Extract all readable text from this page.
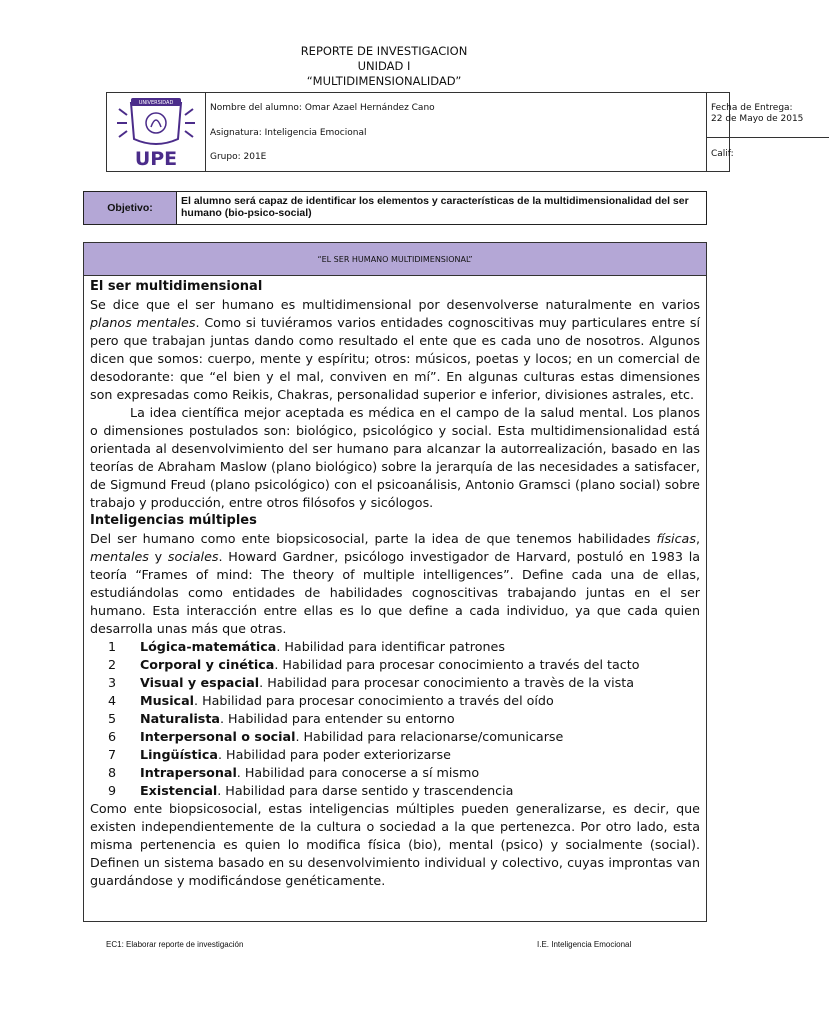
REPORTE DE INVESTIGACION
UNIDAD I
“MULTIDIMENSIONALIDAD”
UNIVERSIDAD
UPE
Nombre del alumno: Omar Azael Hernández Cano
Asignatura: Inteligencia Emocional
Grupo: 201E
Fecha de Entrega:
22 de Mayo de 2015
Calif:
Objetivo:
El alumno será capaz de identificar los elementos y características de la multidimensionalidad del ser humano (bio-psico-social)
“EL SER HUMANO MULTIDIMENSIONAL”
El ser multidimensional

Se dice que el ser humano es multidimensional por desenvolverse naturalmente en varios planos mentales. Como si tuviéramos varios entidades cognoscitivas muy particulares entre sí pero que trabajan juntas dando como resultado el ente que es cada uno de nosotros. Algunos dicen que somos: cuerpo, mente y espíritu; otros: músicos, poetas y locos; en un comercial de desodorante: que “el bien y el mal, conviven en mí”. En algunas culturas estas dimensiones son expresadas como Reikis, Chakras, personalidad superior e inferior, divisiones astrales, etc.

La idea científica mejor aceptada es médica en el campo de la salud mental. Los planos o dimensiones postulados son: biológico, psicológico y social. Esta multidimensionalidad está orientada al desenvolvimiento del ser humano para alcanzar la autorrealización, basado en las teorías de Abraham Maslow (plano biológico) sobre la jerarquía de las necesidades a satisfacer, de Sigmund Freud (plano psicológico) con el psicoanálisis, Antonio Gramsci (plano social) sobre trabajo y producción, entre otros filósofos y sicólogos.

Inteligencias múltiples

Del ser humano como ente biopsicosocial, parte la idea de que tenemos habilidades físicas, mentales y sociales. Howard Gardner, psicólogo investigador de Harvard, postuló en 1983 la teoría “Frames of mind: The theory of multiple intelligences”. Define cada una de ellas, estudiándolas como entidades de habilidades cognoscitivas trabajando juntas en el ser humano. Esta interacción entre ellas es lo que define a cada individuo, ya que cada quien desarrolla unas más que otras.

1	Lógica-matemática. Habilidad para identificar patrones
2	Corporal y cinética. Habilidad para procesar conocimiento a través del tacto
3	Visual y espacial. Habilidad para procesar conocimiento a travès de la vista
4	Musical. Habilidad para procesar conocimiento a través del oído
5	Naturalista. Habilidad para entender su entorno
6	Interpersonal o social. Habilidad para relacionarse/comunicarse
7	Lingüística. Habilidad para poder exteriorizarse
8	Intrapersonal. Habilidad para conocerse a sí mismo
9	Existencial. Habilidad para darse sentido y trascendencia

Como ente biopsicosocial, estas inteligencias múltiples pueden generalizarse, es decir, que existen independientemente de la cultura o sociedad a la que pertenezca. Por otro lado, esta misma pertenencia es quien lo modifica física (bio), mental (psico) y socialmente (social). Definen un sistema basado en su desenvolvimiento individual y colectivo, cuyas improntas van guardándose y modificándose genéticamente.

EC1: Elaborar reporte de investigación	I.E. Inteligencia Emocional
